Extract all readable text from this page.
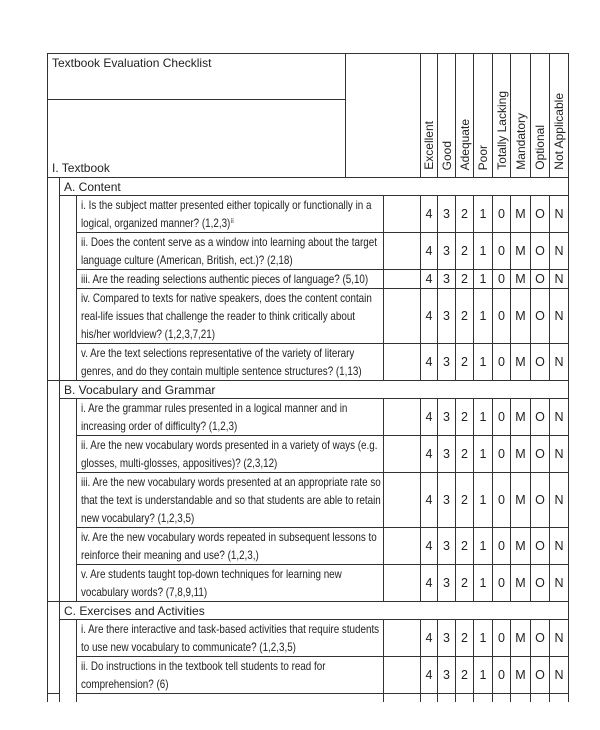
Textbook Evaluation Checklist					Excellent	Good	Adequate	Poor	Totally Lacking	Mandatory	Optional	Not Applicable
I. Textbook												
	A. Content											
		i. Is the subject matter presented either topically or functionally in a logical, organized manner? (1,2,3)ⁱⁱ			4	3	2	1	0	M	O	N
		ii. Does the content serve as a window into learning about the target language culture (American, British, ect.)? (2,18)			4	3	2	1	0	M	O	N
		iii. Are the reading selections authentic pieces of language? (5,10)			4	3	2	1	0	M	O	N
		iv. Compared to texts for native speakers, does the content contain real-life issues that challenge the reader to think critically about his/her worldview? (1,2,3,7,21)			4	3	2	1	0	M	O	N
		v. Are the text selections representative of the variety of literary genres, and do they contain multiple sentence structures? (1,13)			4	3	2	1	0	M	O	N
	B. Vocabulary and Grammar											
		i. Are the grammar rules presented in a logical manner and in increasing order of difficulty? (1,2,3)			4	3	2	1	0	M	O	N
		ii. Are the new vocabulary words presented in a variety of ways (e.g. glosses, multi-glosses, appositives)? (2,3,12)			4	3	2	1	0	M	O	N
		iii. Are the new vocabulary words presented at an appropriate rate so that the text is understandable and so that students are able to retain new vocabulary? (1,2,3,5)			4	3	2	1	0	M	O	N
		iv. Are the new vocabulary words repeated in subsequent lessons to reinforce their meaning and use? (1,2,3,)			4	3	2	1	0	M	O	N
		v. Are students taught top-down techniques for learning new vocabulary words? (7,8,9,11)			4	3	2	1	0	M	O	N
	C. Exercises and Activities											
		i. Are there interactive and task-based activities that require students to use new vocabulary to communicate? (1,2,3,5)			4	3	2	1	0	M	O	N
		ii. Do instructions in the textbook tell students to read for comprehension? (6)			4	3	2	1	0	M	O	N
